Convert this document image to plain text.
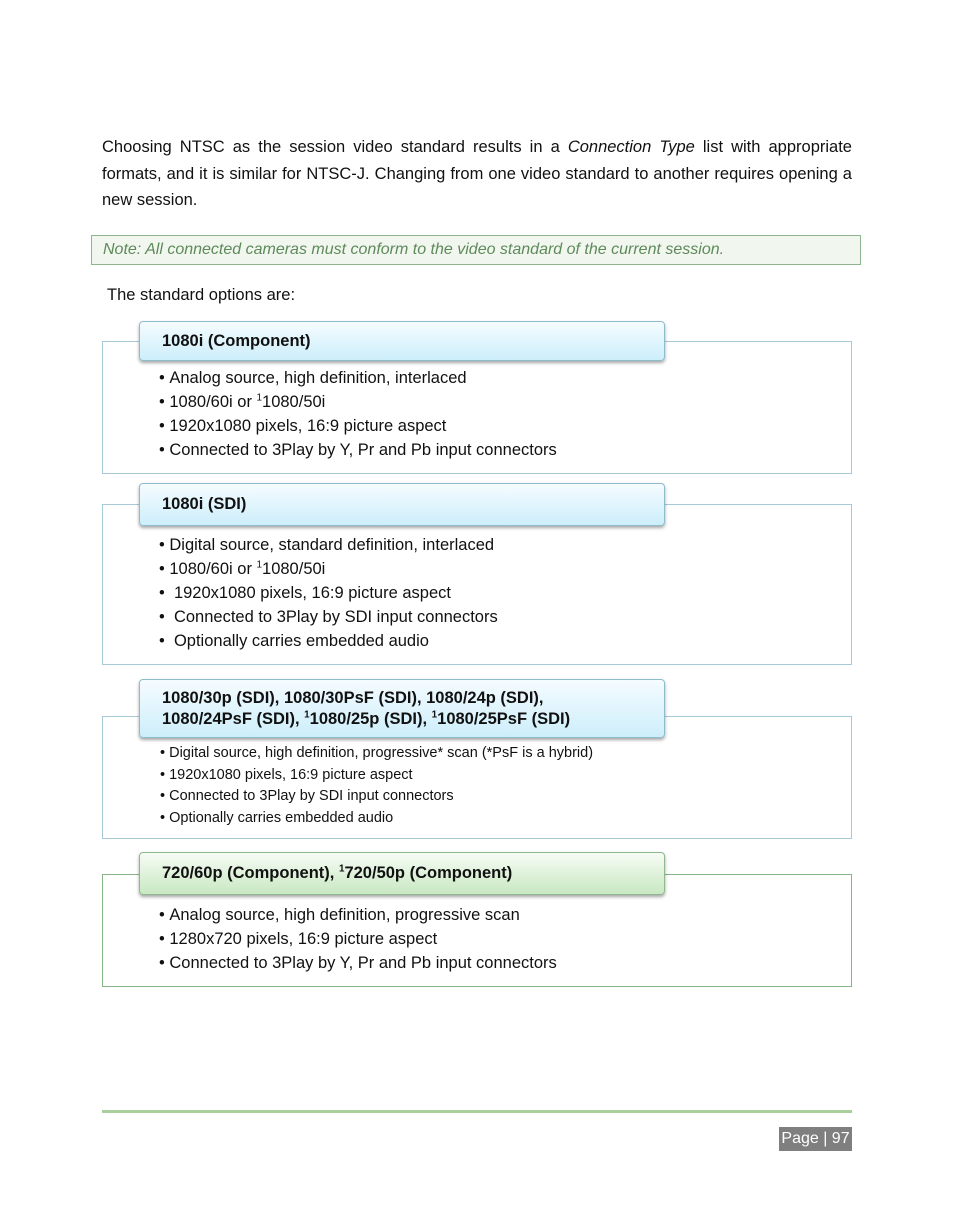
Choosing NTSC as the session video standard results in a Connection Type list with appropriate formats, and it is similar for NTSC-J. Changing from one video standard to another requires opening a new session.

Note: All connected cameras must conform to the video standard of the current session.

The standard options are:

1080i (Component)
• Analog source, high definition, interlaced
• 1080/60i or $^1$1080/50i
• 1920x1080 pixels, 16:9 picture aspect
• Connected to 3Play by Y, Pr and Pb input connectors
1080i (SDI)
• Digital source, standard definition, interlaced
• 1080/60i or $^1$1080/50i
•  1920x1080 pixels, 16:9 picture aspect
•  Connected to 3Play by SDI input connectors
•  Optionally carries embedded audio
1080/30p (SDI), 1080/30PsF (SDI), 1080/24p (SDI),
1080/24PsF (SDI), $^1$1080/25p (SDI), $^1$1080/25PsF (SDI)
• Digital source, high definition, progressive* scan (*PsF is a hybrid)
• 1920x1080 pixels, 16:9 picture aspect
• Connected to 3Play by SDI input connectors
• Optionally carries embedded audio
720/60p (Component), $^1$720/50p (Component)
• Analog source, high definition, progressive scan
• 1280x720 pixels, 16:9 picture aspect
• Connected to 3Play by Y, Pr and Pb input connectors
Page | 97
